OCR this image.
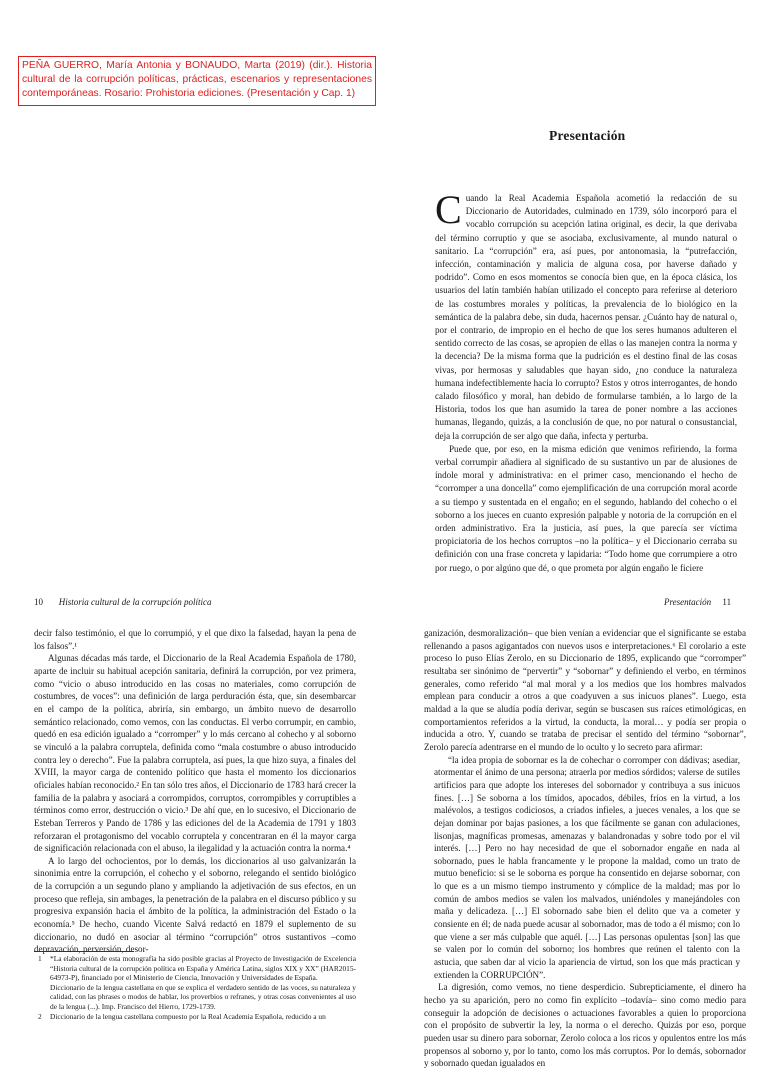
PEÑA GUERRO, María Antonia y BONAUDO, Marta (2019) (dir.). Historia cultural de la corrupción políticas, prácticas, escenarios y representaciones contemporáneas. Rosario: Prohistoria ediciones. (Presentación y Cap. 1)
Presentación

Cuando la Real Academia Española acometió la redacción de su Diccionario de Autoridades, culminado en 1739, sólo incorporó para el vocablo corrupción su acepción latina original, es decir, la que derivaba del término corruptio y que se asociaba, exclusivamente, al mundo natural o sanitario. La “corrupción” era, así pues, por antonomasia, la “putrefacción, infección, contaminación y malicia de alguna cosa, por haverse dañado y podrido”. Como en esos momentos se conocía bien que, en la época clásica, los usuarios del latín también habían utilizado el concepto para referirse al deterioro de las costumbres morales y políticas, la prevalencia de lo biológico en la semántica de la palabra debe, sin duda, hacernos pensar. ¿Cuánto hay de natural o, por el contrario, de impropio en el hecho de que los seres humanos adulteren el sentido correcto de las cosas, se apropien de ellas o las manejen contra la norma y la decencia? De la misma forma que la pudrición es el destino final de las cosas vivas, por hermosas y saludables que hayan sido, ¿no conduce la naturaleza humana indefectiblemente hacia lo corrupto? Estos y otros interrogantes, de hondo calado filosófico y moral, han debido de formularse también, a lo largo de la Historia, todos los que han asumido la tarea de poner nombre a las acciones humanas, llegando, quizás, a la conclusión de que, no por natural o consustancial, deja la corrupción de ser algo que daña, infecta y perturba.

Puede que, por eso, en la misma edición que venimos refiriendo, la forma verbal corrumpir añadiera al significado de su sustantivo un par de alusiones de índole moral y administrativa: en el primer caso, mencionando el hecho de “corromper a una doncella” como ejemplificación de una corrupción moral acorde a su tiempo y sustentada en el engaño; en el segundo, hablando del cohecho o el soborno a los jueces en cuanto expresión palpable y notoria de la corrupción en el orden administrativo. Era la justicia, así pues, la que parecía ser víctima propiciatoria de los hechos corruptos –no la política– y el Diccionario cerraba su definición con una frase concreta y lapidaria: “Todo home que corrumpiere a otro por ruego, o por algúno que dé, o que prometa por algún engaño le ficiere

10 Historia cultural de la corrupción política	Presentación 11

decir falso testimónio, el que lo corrumpió, y el que dixo la falsedad, hayan la pena de los falsos”.¹

Algunas décadas más tarde, el Diccionario de la Real Academia Española de 1780, aparte de incluir su habitual acepción sanitaria, definirá la corrupción, por vez primera, como “vicio o abuso introducido en las cosas no materiales, como corrupción de costumbres, de voces”: una definición de larga perduración ésta, que, sin desembarcar en el campo de la política, abriría, sin embargo, un ámbito nuevo de desarrollo semántico relacionado, como vemos, con las conductas. El verbo corrumpir, en cambio, quedó en esa edición igualado a “corromper” y lo más cercano al cohecho y al soborno se vinculó a la palabra corruptela, definida como “mala costumbre o abuso introducido contra ley o derecho”. Fue la palabra corruptela, así pues, la que hizo suya, a finales del XVIII, la mayor carga de contenido político que hasta el momento los diccionarios oficiales habían reconocido.² En tan sólo tres años, el Diccionario de 1783 hará crecer la familia de la palabra y asociará a corrompidos, corruptos, corrompibles y corruptibles a términos como error, destrucción o vicio.³ De ahí que, en lo sucesivo, el Diccionario de Esteban Terreros y Pando de 1786 y las ediciones del de la Academia de 1791 y 1803 reforzaran el protagonismo del vocablo corruptela y concentraran en él la mayor carga de significación relacionada con el abuso, la ilegalidad y la actuación contra la norma.⁴

A lo largo del ochocientos, por lo demás, los diccionarios al uso galvanizarán la sinonimia entre la corrupción, el cohecho y el soborno, relegando el sentido biológico de la corrupción a un segundo plano y ampliando la adjetivación de sus efectos, en un proceso que refleja, sin ambages, la penetración de la palabra en el discurso público y su progresiva expansión hacia el ámbito de la política, la administración del Estado o la economía.⁵ De hecho, cuando Vicente Salvá redactó en 1879 el suplemento de su diccionario, no dudó en asociar al término “corrupción” otros sustantivos –como depravación, perversión, desor-

1 *La elaboración de esta monografía ha sido posible gracias al Proyecto de Investigación de Excelencia “Historia cultural de la corrupción política en España y América Latina, siglos XIX y XX” (HAR2015-64973-P), financiado por el Ministerio de Ciencia, Innovación y Universidades de España.

Diccionario de la lengua castellana en que se explica el verdadero sentido de las voces, su naturaleza y calidad, con las phrases o modos de hablar, los proverbios o refranes, y otras cosas convenientes al uso de la lengua (...). Imp. Francisco del Hierro, 1729-1739.

2 Diccionario de la lengua castellana compuesto por la Real Academia Española, reducido a un

ganización, desmoralización– que bien venían a evidenciar que el significante se estaba rellenando a pasos agigantados con nuevos usos e interpretaciones.⁶ El corolario a este proceso lo puso Elías Zerolo, en su Diccionario de 1895, explicando que “corromper” resultaba ser sinónimo de “pervertir” y “sobornar” y definiendo el verbo, en términos generales, como referido “al mal moral y a los medios que los hombres malvados emplean para conducir a otros a que coadyuven a sus inicuos planes”. Luego, esta maldad a la que se aludía podía derivar, según se buscasen sus raíces etimológicas, en comportamientos referidos a la virtud, la conducta, la moral… y podía ser propia o inducida a otro. Y, cuando se trataba de precisar el sentido del término “sobornar”, Zerolo parecía adentrarse en el mundo de lo oculto y lo secreto para afirmar:

“la idea propia de sobornar es la de cohechar o corromper con dádivas; asediar, atormentar el ánimo de una persona; atraerla por medios sórdidos; valerse de sutiles artificios para que adopte los intereses del sobornador y contribuya a sus inicuos fines. […] Se soborna a los tímidos, apocados, débiles, fríos en la virtud, a los malévolos, a testigos codiciosos, a criados infieles, a jueces venales, a los que se dejan dominar por bajas pasiones, a los que fácilmente se ganan con adulaciones, lisonjas, magníficas promesas, amenazas y balandronadas y sobre todo por el vil interés. […] Pero no hay necesidad de que el sobornador engañe en nada al sobornado, pues le habla francamente y le propone la maldad, como un trato de mutuo beneficio: si se le soborna es porque ha consentido en dejarse sobornar, con lo que es a un mismo tiempo instrumento y cómplice de la maldad; mas por lo común de ambos medios se valen los malvados, uniéndoles y manejándoles con maña y delicadeza. […] El sobornado sabe bien el delito que va a cometer y consiente en él; de nada puede acusar al sobornador, mas de todo a él mismo; con lo que viene a ser más culpable que aquél. […] Las personas opulentas [son] las que se valen por lo común del soborno; los hombres que reúnen el talento con la astucia, que saben dar al vicio la apariencia de virtud, son los que más practican y extienden la CORRUPCIÓN”.

La digresión, como vemos, no tiene desperdicio. Subrepticiamente, el dinero ha hecho ya su aparición, pero no como fin explícito –todavía– sino como medio para conseguir la adopción de decisiones o actuaciones favorables a quien lo proporciona con el propósito de subvertir la ley, la norma o el derecho. Quizás por eso, porque pueden usar su dinero para sobornar, Zerolo coloca a los ricos y opulentos entre los más propensos al soborno y, por lo tanto, como los más corruptos. Por lo demás, sobornador y sobornado quedan igualados en
